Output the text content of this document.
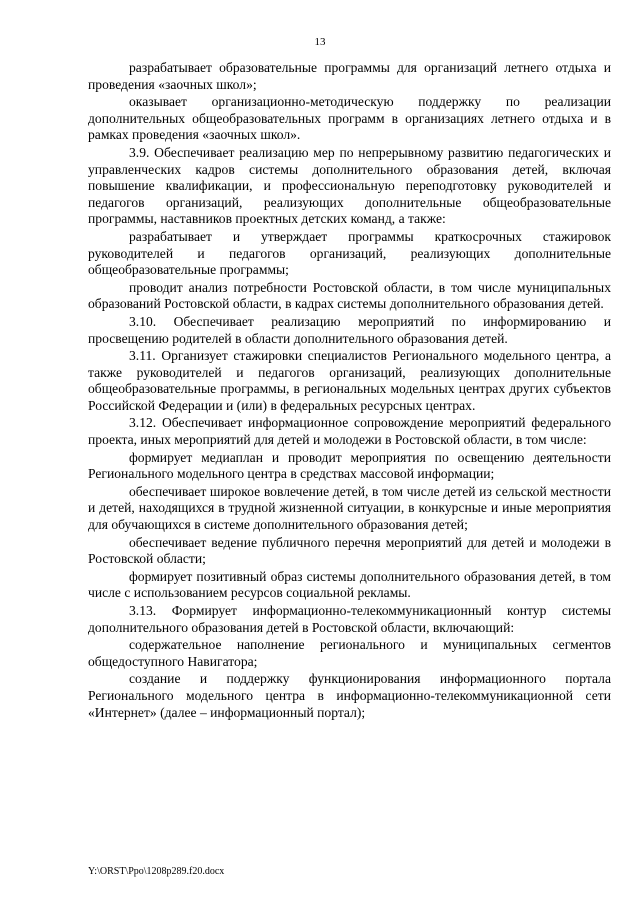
13

разрабатывает образовательные программы для организаций летнего отдыха и проведения «заочных школ»;

оказывает организационно-методическую поддержку по реализации дополнительных общеобразовательных программ в организациях летнего отдыха и в рамках проведения «заочных школ».

3.9. Обеспечивает реализацию мер по непрерывному развитию педагогических и управленческих кадров системы дополнительного образования детей, включая повышение квалификации, и профессиональную переподготовку руководителей и педагогов организаций, реализующих дополнительные общеобразовательные программы, наставников проектных детских команд, а также:

разрабатывает и утверждает программы краткосрочных стажировок руководителей и педагогов организаций, реализующих дополнительные общеобразовательные программы;

проводит анализ потребности Ростовской области, в том числе муниципальных образований Ростовской области, в кадрах системы дополнительного образования детей.

3.10. Обеспечивает реализацию мероприятий по информированию и просвещению родителей в области дополнительного образования детей.

3.11. Организует стажировки специалистов Регионального модельного центра, а также руководителей и педагогов организаций, реализующих дополнительные общеобразовательные программы, в региональных модельных центрах других субъектов Российской Федерации и (или) в федеральных ресурсных центрах.

3.12. Обеспечивает информационное сопровождение мероприятий федерального проекта, иных мероприятий для детей и молодежи в Ростовской области, в том числе:

формирует медиаплан и проводит мероприятия по освещению деятельности Регионального модельного центра в средствах массовой информации;

обеспечивает широкое вовлечение детей, в том числе детей из сельской местности и детей, находящихся в трудной жизненной ситуации, в конкурсные и иные мероприятия для обучающихся в системе дополнительного образования детей;

обеспечивает ведение публичного перечня мероприятий для детей и молодежи в Ростовской области;

формирует позитивный образ системы дополнительного образования детей, в том числе с использованием ресурсов социальной рекламы.

3.13. Формирует информационно-телекоммуникационный контур системы дополнительного образования детей в Ростовской области, включающий:

содержательное наполнение регионального и муниципальных сегментов общедоступного Навигатора;

создание и поддержку функционирования информационного портала Регионального модельного центра в информационно-телекоммуникационной сети «Интернет» (далее – информационный портал);

Y:\ORST\Ppo\1208p289.f20.docx
